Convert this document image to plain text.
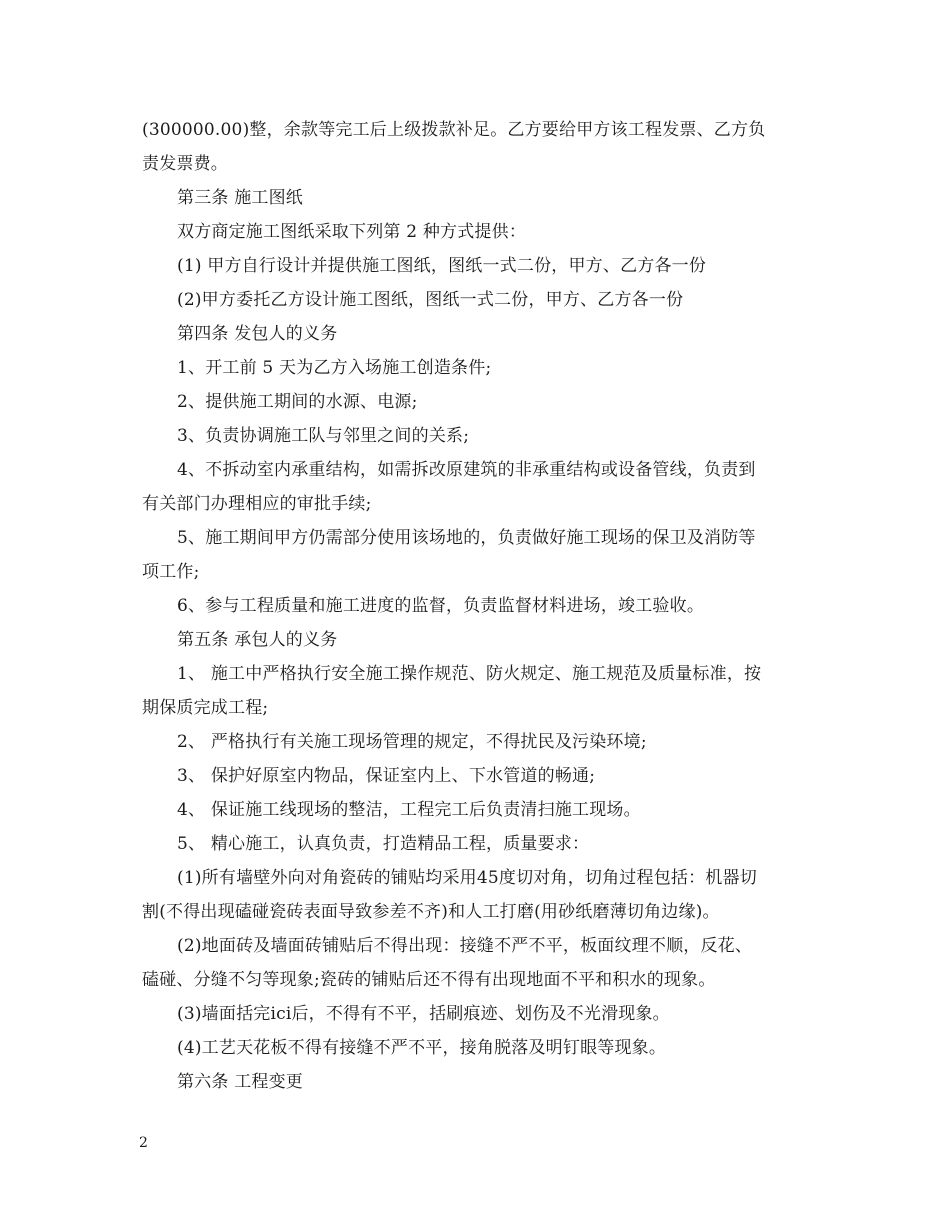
(300000.00)整，余款等完工后上级拨款补足。乙方要给甲方该工程发票、乙方负
责发票费。
第三条 施工图纸
双方商定施工图纸采取下列第 2 种方式提供：
(1) 甲方自行设计并提供施工图纸，图纸一式二份，甲方、乙方各一份
(2)甲方委托乙方设计施工图纸，图纸一式二份，甲方、乙方各一份
第四条 发包人的义务
1、开工前 5 天为乙方入场施工创造条件;
2、提供施工期间的水源、电源;
3、负责协调施工队与邻里之间的关系;
4、不拆动室内承重结构，如需拆改原建筑的非承重结构或设备管线，负责到
有关部门办理相应的审批手续;
5、施工期间甲方仍需部分使用该场地的，负责做好施工现场的保卫及消防等
项工作;
6、参与工程质量和施工进度的监督，负责监督材料进场，竣工验收。
第五条 承包人的义务
1、 施工中严格执行安全施工操作规范、防火规定、施工规范及质量标准，按
期保质完成工程;
2、 严格执行有关施工现场管理的规定，不得扰民及污染环境;
3、 保护好原室内物品，保证室内上、下水管道的畅通;
4、 保证施工线现场的整洁，工程完工后负责清扫施工现场。
5、 精心施工，认真负责，打造精品工程，质量要求：
(1)所有墙壁外向对角瓷砖的铺贴均采用45度切对角，切角过程包括：机器切
割(不得出现磕碰瓷砖表面导致参差不齐)和人工打磨(用砂纸磨薄切角边缘)。
(2)地面砖及墙面砖铺贴后不得出现：接缝不严不平，板面纹理不顺，反花、
磕碰、分缝不匀等现象;瓷砖的铺贴后还不得有出现地面不平和积水的现象。
(3)墙面括完ici后，不得有不平，括刷痕迹、划伤及不光滑现象。
(4)工艺天花板不得有接缝不严不平，接角脱落及明钉眼等现象。
第六条 工程变更
2
